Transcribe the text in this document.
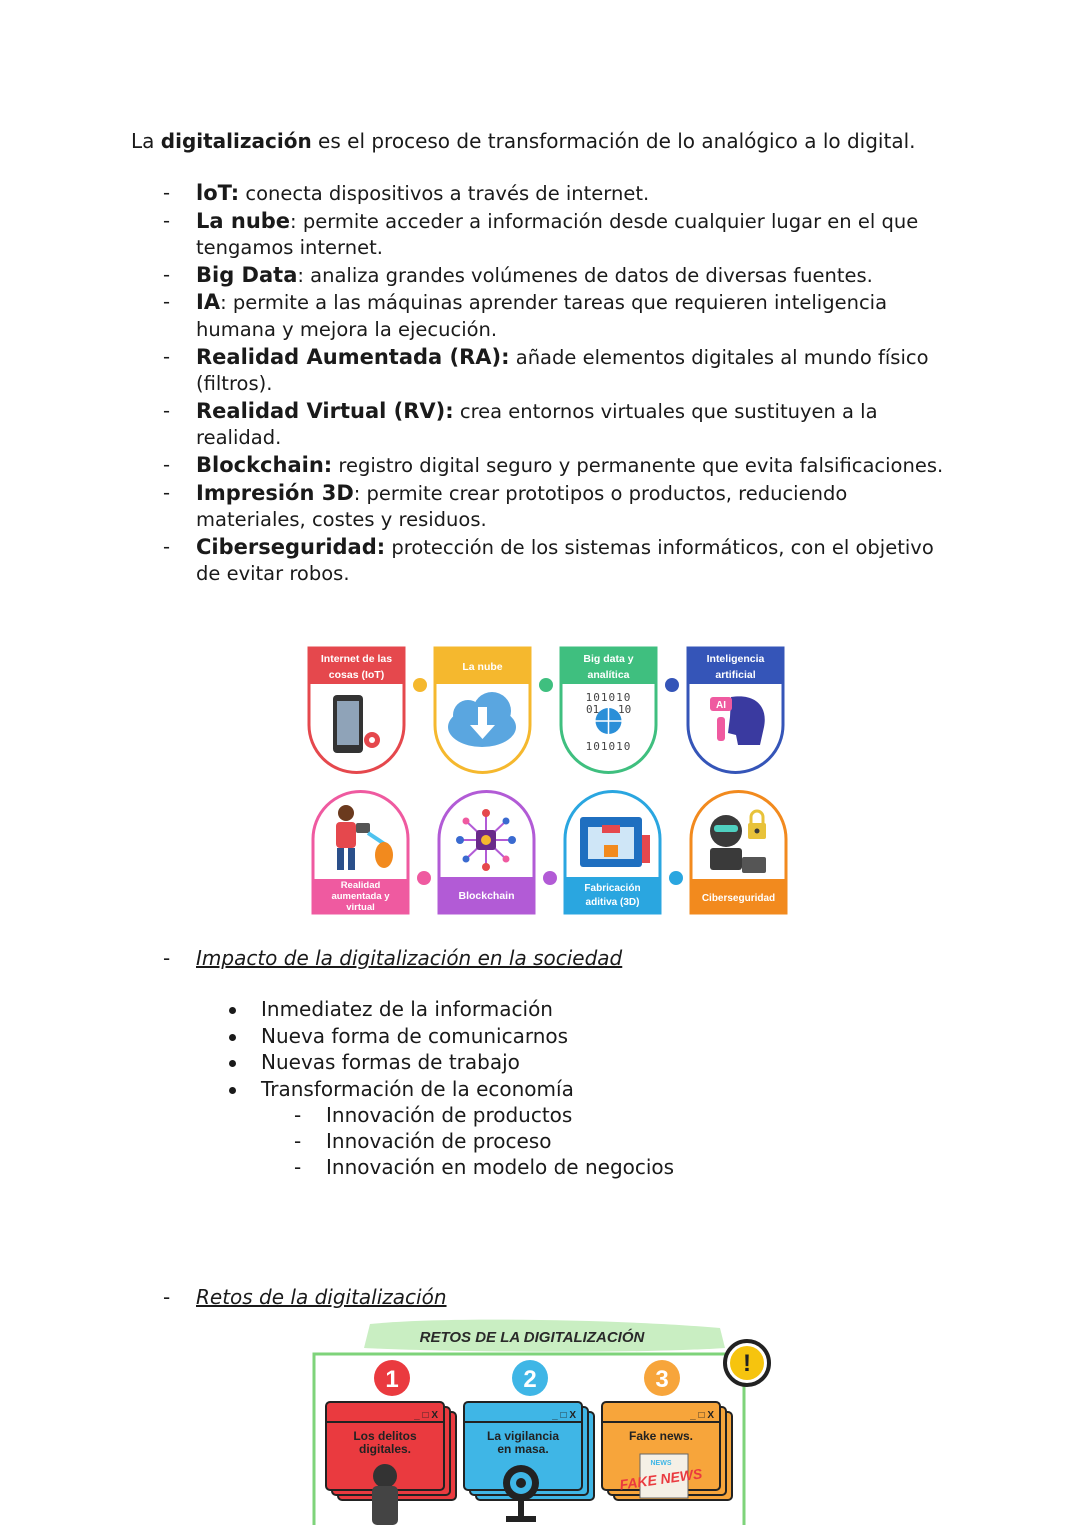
La digitalización es el proceso de transformación de lo analógico a lo digital.
- loT: conecta dispositivos a través de internet.
- La nube: permite acceder a información desde cualquier lugar en el que tengamos internet.
- Big Data: analiza grandes volúmenes de datos de diversas fuentes.
- IA: permite a las máquinas aprender tareas que requieren inteligencia humana y mejora la ejecución.
- Realidad Aumentada (RA): añade elementos digitales al mundo físico (filtros).
- Realidad Virtual (RV): crea entornos virtuales que sustituyen a la realidad.
- Blockchain: registro digital seguro y permanente que evita falsificaciones.
- Impresión 3D: permite crear prototipos o productos, reduciendo materiales, costes y residuos.
- Ciberseguridad: protección de los sistemas informáticos, con el objetivo de evitar robos.
Internet de las
cosas (IoT)
La nube
Big data y
analítica
101010
01 10
101010
Inteligencia
artificial
AI
Realidad
aumentada y
virtual
Blockchain
Fabricación
aditiva (3D)	Ciberseguridad
- Impacto de la digitalización en la sociedad
Inmediatez de la información
Nueva forma de comunicarnos
Nuevas formas de trabajo
Transformación de la economía
- Innovación de productos
- Innovación de proceso
- Innovación en modelo de negocios
- Retos de la digitalización
RETOS DE LA DIGITALIZACIÓN
!
1
_ □ X
Los delitos
digitales.
2
_ □ X
La vigilancia
en masa.
3
_ □ X
Fake news.
NEWS
FAKE NEWS
